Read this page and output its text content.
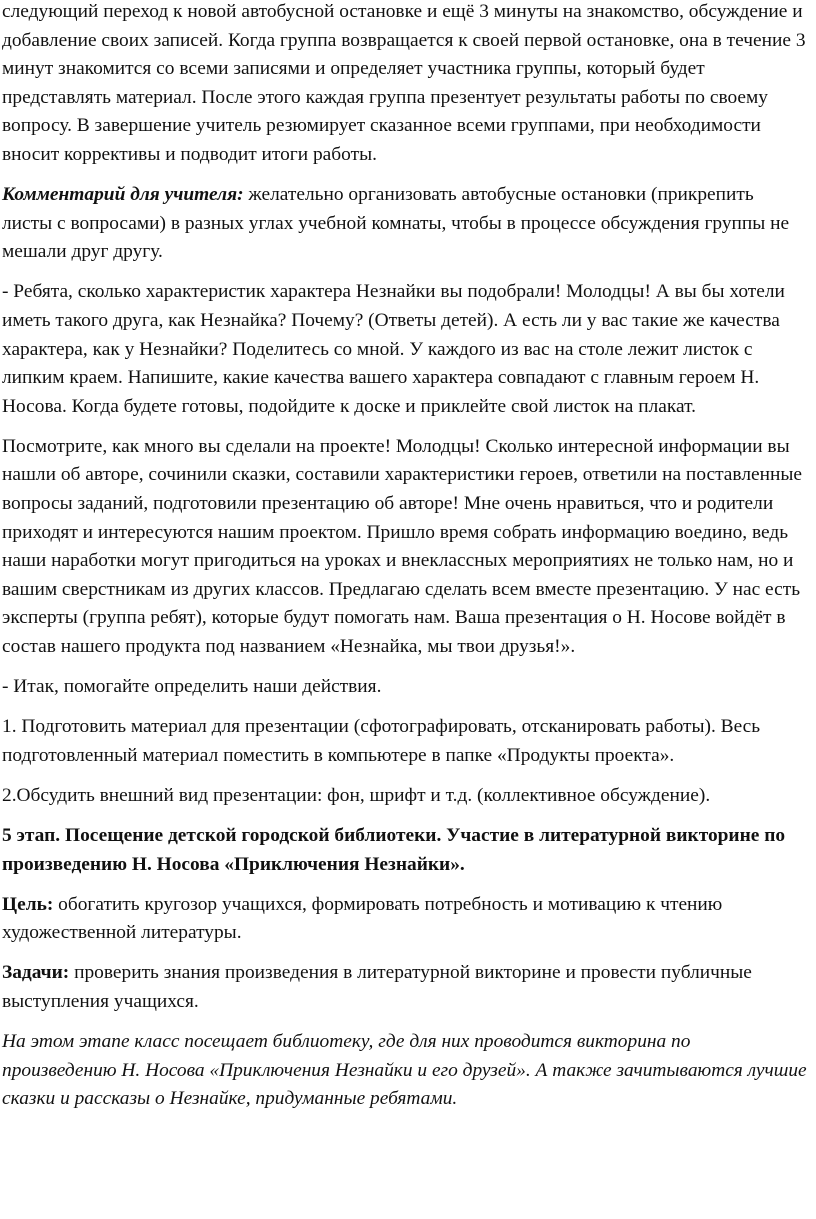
следующий переход к новой автобусной остановке и ещё 3 минуты на знакомство, обсуждение и добавление своих записей. Когда группа возвращается к своей первой остановке, она в течение 3 минут знакомится со всеми записями и определяет участника группы, который будет представлять материал. После этого каждая группа презентует результаты работы по своему вопросу. В завершение учитель резюмирует сказанное всеми группами, при необходимости вносит коррективы и подводит итоги работы.

Комментарий для учителя: желательно организовать автобусные остановки (прикрепить листы с вопросами) в разных углах учебной комнаты, чтобы в процессе обсуждения группы не мешали друг другу.

- Ребята, сколько характеристик характера Незнайки вы подобрали! Молодцы! А вы бы хотели иметь такого друга, как Незнайка? Почему? (Ответы детей). А есть ли у вас такие же качества характера, как у Незнайки? Поделитесь со мной. У каждого из вас на столе лежит листок с липким краем. Напишите, какие качества вашего характера совпадают с главным героем Н. Носова. Когда будете готовы, подойдите к доске и приклейте свой листок на плакат.

Посмотрите, как много вы сделали на проекте! Молодцы! Сколько интересной информации вы нашли об авторе, сочинили сказки, составили характеристики героев, ответили на поставленные вопросы заданий, подготовили презентацию об авторе! Мне очень нравиться, что и родители приходят и интересуются нашим проектом. Пришло время собрать информацию воедино, ведь наши наработки могут пригодиться на уроках и внеклассных мероприятиях не только нам, но и вашим сверстникам из других классов. Предлагаю сделать всем вместе презентацию. У нас есть эксперты (группа ребят), которые будут помогать нам. Ваша презентация о Н. Носове войдёт в состав нашего продукта под названием «Незнайка, мы твои друзья!».

- Итак, помогайте определить наши действия.

1. Подготовить материал для презентации (сфотографировать, отсканировать работы). Весь подготовленный материал поместить в компьютере в папке «Продукты проекта».

2.Обсудить внешний вид презентации: фон, шрифт и т.д. (коллективное обсуждение).

5 этап. Посещение детской городской библиотеки. Участие в литературной викторине по произведению Н. Носова «Приключения Незнайки».

Цель: обогатить кругозор учащихся, формировать потребность и мотивацию к чтению художественной литературы.

Задачи: проверить знания произведения в литературной викторине и провести публичные выступления учащихся.

На этом этапе класс посещает библиотеку, где для них проводится викторина по произведению Н. Носова «Приключения Незнайки и его друзей». А также зачитываются лучшие сказки и рассказы о Незнайке, придуманные ребятами.
